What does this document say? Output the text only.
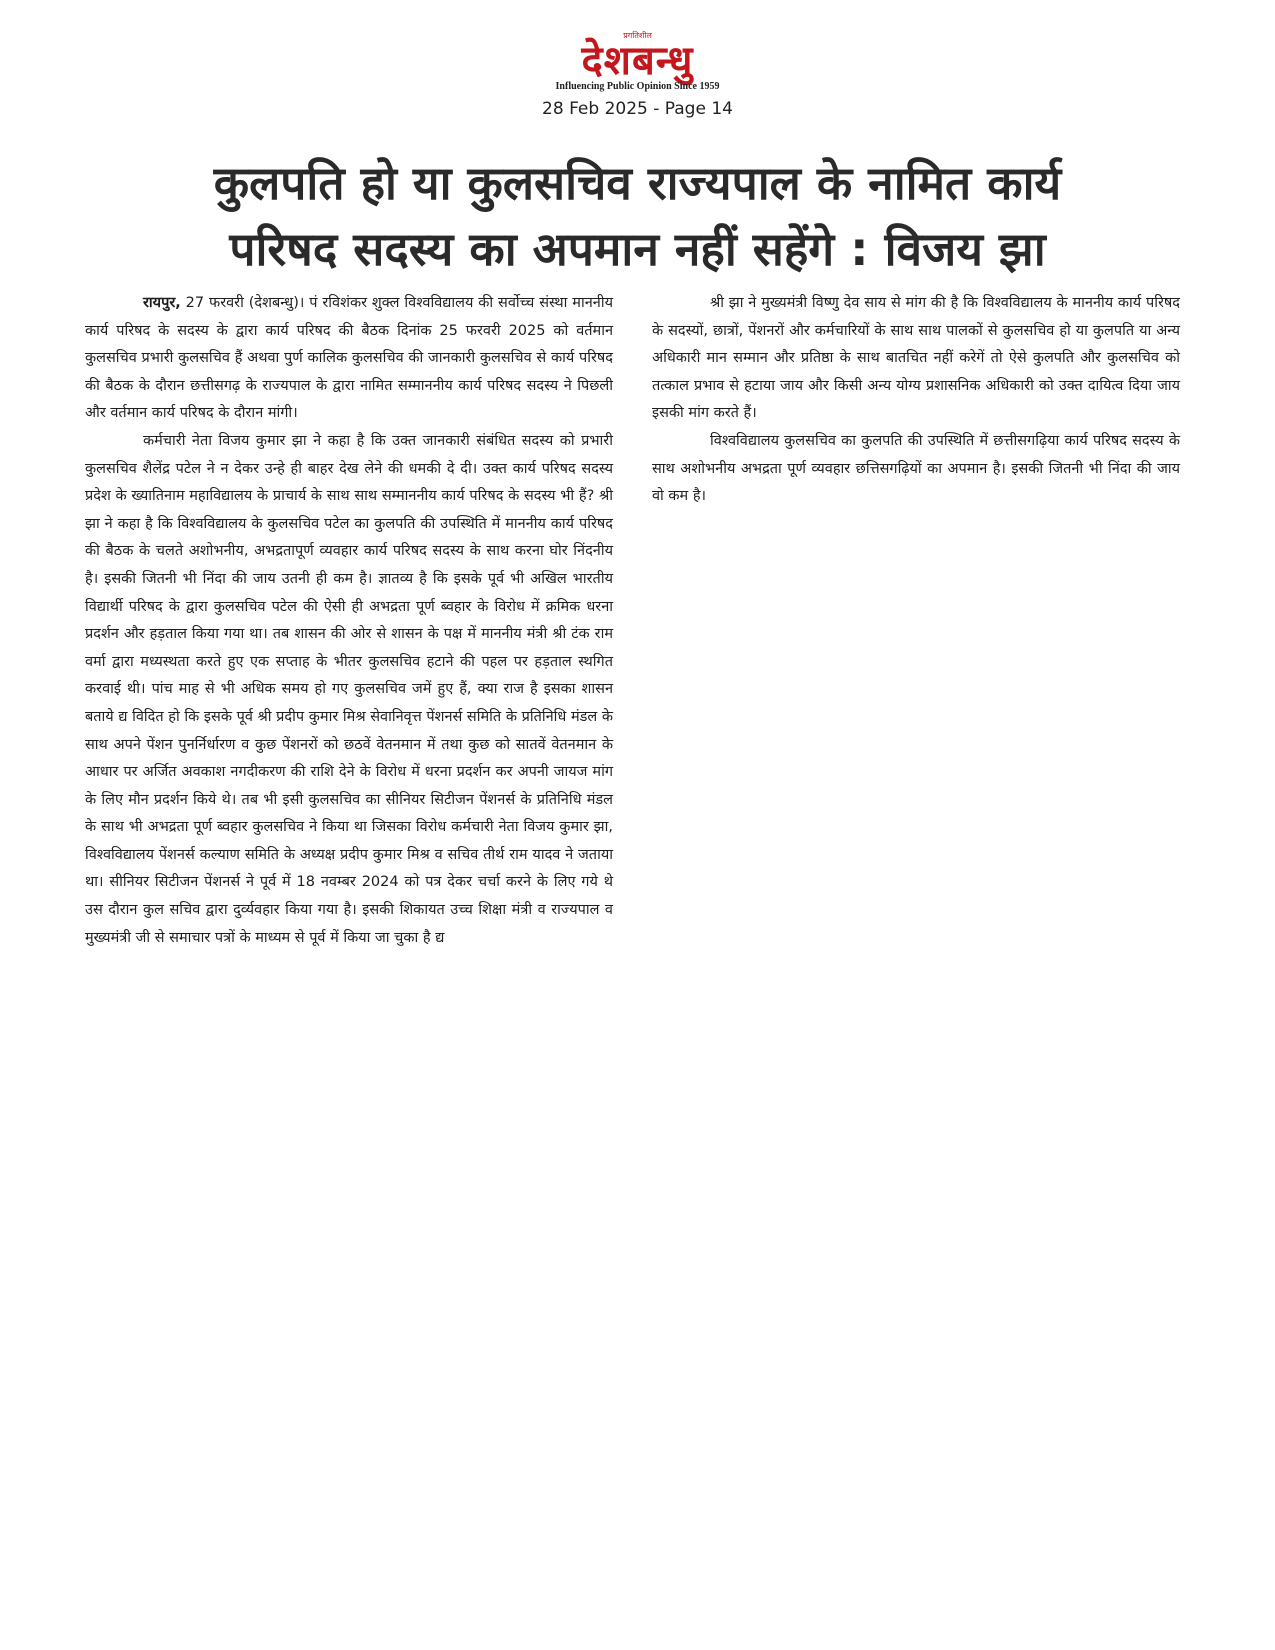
प्रगतिशील
देशबन्धु
Influencing Public Opinion Since 1959
28 Feb 2025 - Page 14
कुलपति हो या कुलसचिव राज्यपाल के नामित कार्य
परिषद सदस्य का अपमान नहीं सहेंगे : विजय झा

रायपुर, 27 फरवरी (देशबन्धु)। पं रविशंकर शुक्ल विश्वविद्यालय की सर्वोच्च संस्था माननीय कार्य परिषद के सदस्य के द्वारा कार्य परिषद की बैठक दिनांक 25 फरवरी 2025 को वर्तमान कुलसचिव प्रभारी कुलसचिव हैं अथवा पुर्ण कालिक कुलसचिव की जानकारी कुलसचिव से कार्य परिषद की बैठक के दौरान छत्तीसगढ़ के राज्यपाल के द्वारा नामित सम्माननीय कार्य परिषद सदस्य ने पिछली और वर्तमान कार्य परिषद के दौरान मांगी।

कर्मचारी नेता विजय कुमार झा ने कहा है कि उक्त जानकारी संबंधित सदस्य को प्रभारी कुलसचिव शैलेंद्र पटेल ने न देकर उन्हे ही बाहर देख लेने की धमकी दे दी। उक्त कार्य परिषद सदस्य प्रदेश के ख्यातिनाम महाविद्यालय के प्राचार्य के साथ साथ सम्माननीय कार्य परिषद के सदस्य भी हैं? श्री झा ने कहा है कि विश्वविद्यालय के कुलसचिव पटेल का कुलपति की उपस्थिति में माननीय कार्य परिषद की बैठक के चलते अशोभनीय, अभद्रतापूर्ण व्यवहार कार्य परिषद सदस्य के साथ करना घोर निंदनीय है। इसकी जितनी भी निंदा की जाय उतनी ही कम है। ज्ञातव्य है कि इसके पूर्व भी अखिल भारतीय विद्यार्थी परिषद के द्वारा कुलसचिव पटेल की ऐसी ही अभद्रता पूर्ण ब्वहार के विरोध में क्रमिक धरना प्रदर्शन और हड़ताल किया गया था। तब शासन की ओर से शासन के पक्ष में माननीय मंत्री श्री टंक राम वर्मा द्वारा मध्यस्थता करते हुए एक सप्ताह के भीतर कुलसचिव हटाने की पहल पर हड़ताल स्थगित करवाई थी। पांच माह से भी अधिक समय हो गए कुलसचिव जमें हुए हैं, क्या राज है इसका शासन बताये द्य विदित हो कि इसके पूर्व श्री प्रदीप कुमार मिश्र सेवानिवृत्त पेंशनर्स समिति के प्रतिनिधि मंडल के साथ अपने पेंशन पुनर्निर्धारण व कुछ पेंशनरों को छठवें वेतनमान में तथा कुछ को सातवें वेतनमान के आधार पर अर्जित अवकाश नगदीकरण की राशि देने के विरोध में धरना प्रदर्शन कर अपनी जायज मांग के लिए मौन प्रदर्शन किये थे। तब भी इसी कुलसचिव का सीनियर सिटीजन पेंशनर्स के प्रतिनिधि मंडल के साथ भी अभद्रता पूर्ण ब्वहार कुलसचिव ने किया था जिसका विरोध कर्मचारी नेता विजय कुमार झा, विश्वविद्यालय पेंशनर्स कल्याण समिति के अध्यक्ष प्रदीप कुमार मिश्र व सचिव तीर्थ राम यादव ने जताया था। सीनियर सिटीजन पेंशनर्स ने पूर्व में 18 नवम्बर 2024 को पत्र देकर चर्चा करने के लिए गये थे उस दौरान कुल सचिव द्वारा दुर्व्यवहार किया गया है। इसकी शिकायत उच्च शिक्षा मंत्री व राज्यपाल व मुख्यमंत्री जी से समाचार पत्रों के माध्यम से पूर्व में किया जा चुका है द्य

श्री झा ने मुख्यमंत्री विष्णु देव साय से मांग की है कि विश्वविद्यालय के माननीय कार्य परिषद के सदस्यों, छात्रों, पेंशनरों और कर्मचारियों के साथ साथ पालकों से कुलसचिव हो या कुलपति या अन्य अधिकारी मान सम्मान और प्रतिष्ठा के साथ बातचित नहीं करेगें तो ऐसे कुलपति और कुलसचिव को तत्काल प्रभाव से हटाया जाय और किसी अन्य योग्य प्रशासनिक अधिकारी को उक्त दायित्व दिया जाय इसकी मांग करते हैं।

विश्वविद्यालय कुलसचिव का कुलपति की उपस्थिति में छत्तीसगढ़िया कार्य परिषद सदस्य के साथ अशोभनीय अभद्रता पूर्ण व्यवहार छत्तिसगढ़ियों का अपमान है। इसकी जितनी भी निंदा की जाय वो कम है।
